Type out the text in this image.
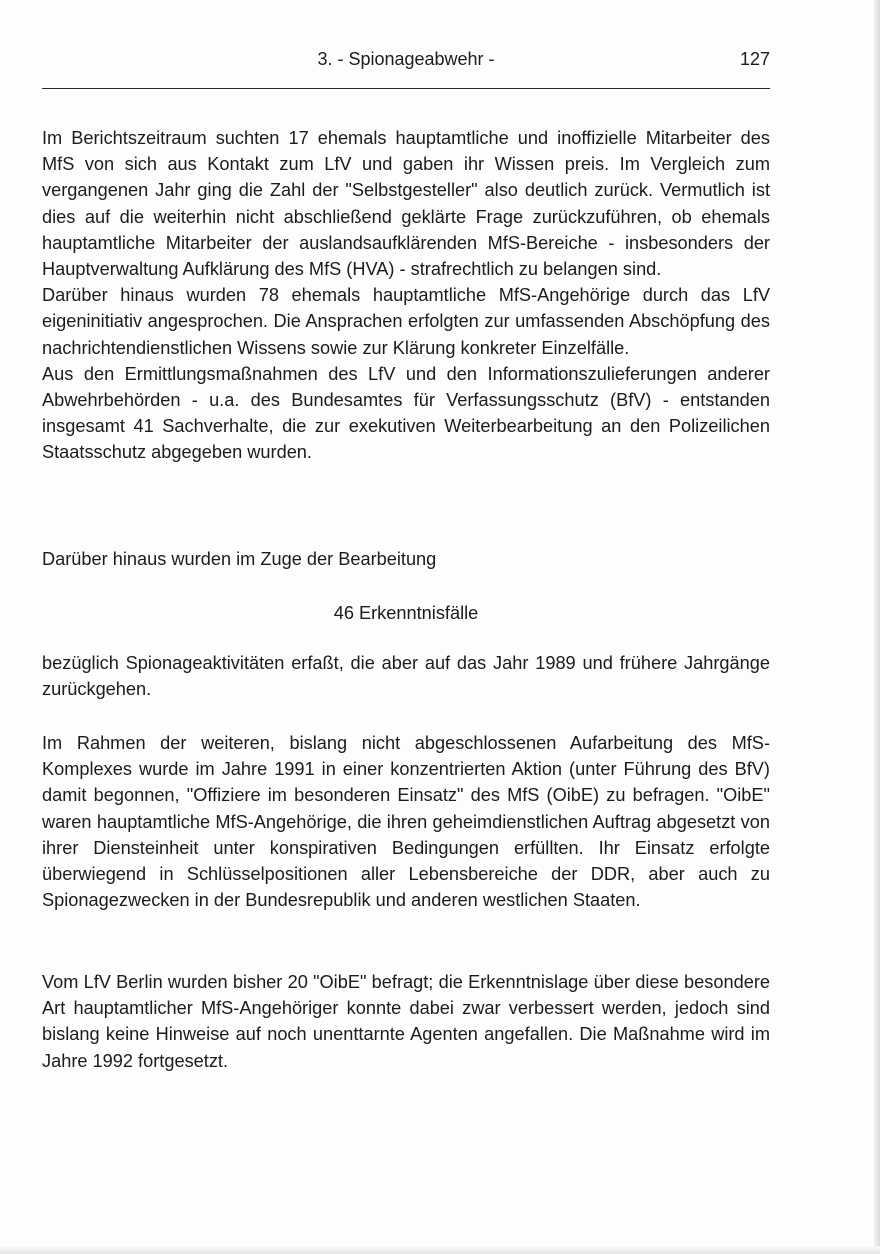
3. - Spionageabwehr -	127

Im Berichtszeitraum suchten 17 ehemals hauptamtliche und inoffizielle Mitarbeiter des MfS von sich aus Kontakt zum LfV und gaben ihr Wissen preis. Im Vergleich zum vergangenen Jahr ging die Zahl der "Selbstgesteller" also deutlich zurück. Vermutlich ist dies auf die weiterhin nicht abschließend geklärte Frage zurückzuführen, ob ehemals hauptamtliche Mitarbeiter der auslandsaufklärenden MfS-Bereiche - insbesonders der Hauptverwaltung Aufklärung des MfS (HVA) - strafrechtlich zu belangen sind.

Darüber hinaus wurden 78 ehemals hauptamtliche MfS-Angehörige durch das LfV eigeninitiativ angesprochen. Die Ansprachen erfolgten zur umfassenden Abschöpfung des nachrichtendienstlichen Wissens sowie zur Klärung konkreter Einzelfälle.

Aus den Ermittlungsmaßnahmen des LfV und den Informationszulieferungen anderer Abwehrbehörden - u.a. des Bundesamtes für Verfassungsschutz (BfV) - entstanden insgesamt 41 Sachverhalte, die zur exekutiven Weiterbearbeitung an den Polizeilichen Staatsschutz abgegeben wurden.

Darüber hinaus wurden im Zuge der Bearbeitung

46 Erkenntnisfälle

bezüglich Spionageaktivitäten erfaßt, die aber auf das Jahr 1989 und frühere Jahrgänge zurückgehen.

Im Rahmen der weiteren, bislang nicht abgeschlossenen Aufarbeitung des MfS-Komplexes wurde im Jahre 1991 in einer konzentrierten Aktion (unter Führung des BfV) damit begonnen, "Offiziere im besonderen Einsatz" des MfS (OibE) zu befragen. "OibE" waren hauptamtliche MfS-Angehörige, die ihren geheimdienstlichen Auftrag abgesetzt von ihrer Diensteinheit unter konspirativen Bedingungen erfüllten. Ihr Einsatz erfolgte überwiegend in Schlüsselpositionen aller Lebensbereiche der DDR, aber auch zu Spionagezwecken in der Bundesrepublik und anderen westlichen Staaten.

Vom LfV Berlin wurden bisher 20 "OibE" befragt; die Erkenntnislage über diese besondere Art hauptamtlicher MfS-Angehöriger konnte dabei zwar verbessert werden, jedoch sind bislang keine Hinweise auf noch unenttarnte Agenten angefallen. Die Maßnahme wird im Jahre 1992 fortgesetzt.
